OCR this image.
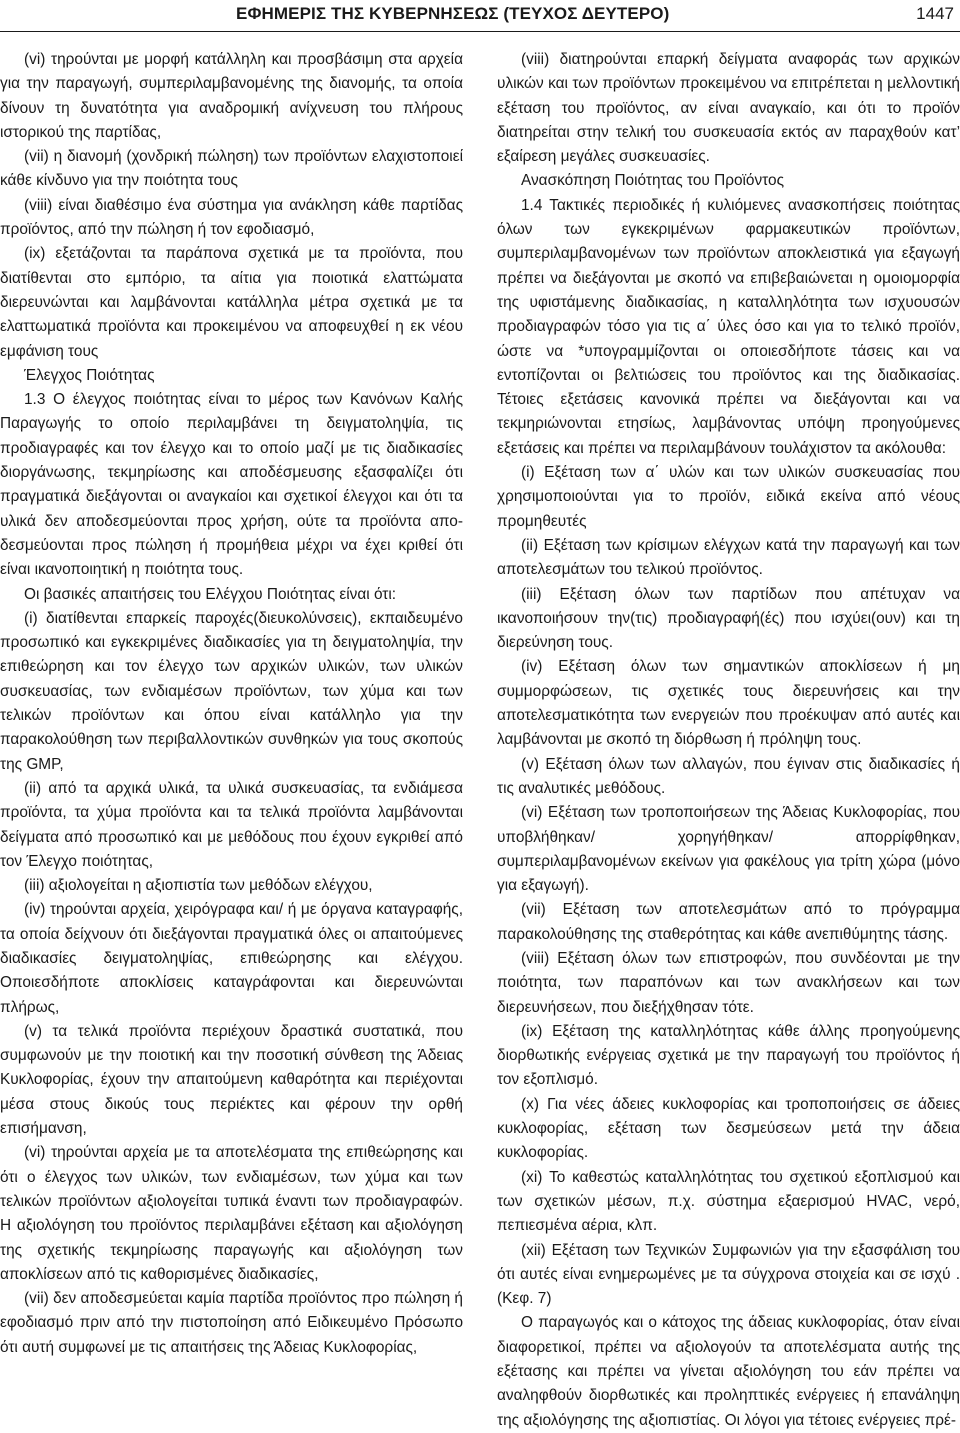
ΕΦΗΜΕΡΙΣ ΤΗΣ ΚΥΒΕΡΝΗΣΕΩΣ (ΤΕΥΧΟΣ ΔΕΥΤΕΡΟ)	1447

(vi) τηρούνται με μορφή κατάλληλη και προσβάσιμη στα αρχεία για την παραγωγή, συμπεριλαμβανομένης της διανομής, τα οποία δίνουν τη δυνατότητα για αναδρομική ανίχνευση του πλήρους ιστορικού της παρτίδας,

(vii) η διανομή (χονδρική πώληση) των προϊόντων ελαχιστοποιεί κάθε κίνδυνο για την ποιότητα τους

(viii) είναι διαθέσιμο ένα σύστημα για ανάκληση κάθε παρτίδας προϊόντος, από την πώληση ή τον εφοδιασμό,

(ix) εξετάζονται τα παράπονα σχετικά με τα προϊόντα, που διατίθενται στο εμπόριο, τα αίτια για ποιοτικά ελαττώματα διερευνώνται και λαμβάνονται κατάλληλα μέτρα σχετικά με τα ελαττωματικά προϊόντα και προκειμένου να αποφευχθεί η εκ νέου εμφάνιση τους

Έλεγχος Ποιότητας

1.3 Ο έλεγχος ποιότητας είναι το μέρος των Κανόνων Καλής Παραγωγής το οποίο περιλαμβάνει τη δειγματοληψία, τις προδιαγραφές και τον έλεγχο και το οποίο μαζί με τις διαδικασίες διοργάνωσης, τεκμηρίωσης και αποδέσμευσης εξασφαλίζει ότι πραγματικά διεξάγονται οι αναγκαίοι και σχετικοί έλεγχοι και ότι τα υλικά δεν αποδεσμεύονται προς χρήση, ούτε τα προϊόντα αποδεσμεύονται προς πώληση ή προμήθεια μέχρι να έχει κριθεί ότι είναι ικανοποιητική η ποιότητα τους.

Οι βασικές απαιτήσεις του Ελέγχου Ποιότητας είναι ότι:

(i) διατίθενται επαρκείς παροχές(διευκολύνσεις), εκπαιδευμένο προσωπικό και εγκεκριμένες διαδικασίες για τη δειγματοληψία, την επιθεώρηση και τον έλεγχο των αρχικών υλικών, των υλικών συσκευασίας, των ενδιαμέσων προϊόντων, των χύμα και των τελικών προϊόντων και όπου είναι κατάλληλο για την παρακολούθηση των περιβαλλοντικών συνθηκών για τους σκοπούς της GMP,

(ii) από τα αρχικά υλικά, τα υλικά συσκευασίας, τα ενδιάμεσα προϊόντα, τα χύμα προϊόντα και τα τελικά προϊόντα λαμβάνονται δείγματα από προσωπικό και με μεθόδους που έχουν εγκριθεί από τον Έλεγχο ποιότητας,

(iii) αξιολογείται η αξιοπιστία των μεθόδων ελέγχου,

(iv) τηρούνται αρχεία, χειρόγραφα και/ ή με όργανα καταγραφής, τα οποία δείχνουν ότι διεξάγονται πραγματικά όλες οι απαιτούμενες διαδικασίες δειγματοληψίας, επιθεώρησης και ελέγχου. Οποιεσδήποτε αποκλίσεις καταγράφονται και διερευνώνται πλήρως,

(v) τα τελικά προϊόντα περιέχουν δραστικά συστατικά, που συμφωνούν με την ποιοτική και την ποσοτική σύνθεση της Άδειας Κυκλοφορίας, έχουν την απαιτούμενη καθαρότητα και περιέχονται μέσα στους δικούς τους περιέκτες και φέρουν την ορθή επισήμανση,

(vi) τηρούνται αρχεία με τα αποτελέσματα της επιθεώρησης και ότι ο έλεγχος των υλικών, των ενδιαμέσων, των χύμα και των τελικών προϊόντων αξιολογείται τυπικά έναντι των προδιαγραφών. Η αξιολόγηση του προϊόντος περιλαμβάνει εξέταση και αξιολόγηση της σχετικής τεκμηρίωσης παραγωγής και αξιολόγηση των αποκλίσεων από τις καθορισμένες διαδικασίες,

(vii) δεν αποδεσμεύεται καμία παρτίδα προϊόντος προ πώληση ή εφοδιασμό πριν από την πιστοποίηση από Ειδικευμένο Πρόσωπο ότι αυτή συμφωνεί με τις απαιτήσεις της Άδειας Κυκλοφορίας,

(viii) διατηρούνται επαρκή δείγματα αναφοράς των αρχικών υλικών και των προϊόντων προκειμένου να επιτρέπεται η μελλοντική εξέταση του προϊόντος, αν είναι αναγκαίο, και ότι το προϊόν διατηρείται στην τελική του συσκευασία εκτός αν παραχθούν κατ’ εξαίρεση μεγάλες συσκευασίες.

Ανασκόπηση Ποιότητας του Προϊόντος

1.4 Τακτικές περιοδικές ή κυλιόμενες ανασκοπήσεις ποιότητας όλων των εγκεκριμένων φαρμακευτικών προϊόντων, συμπεριλαμβανομένων των προϊόντων αποκλειστικά για εξαγωγή πρέπει να διεξάγονται με σκοπό να επιβεβαιώνεται η ομοιομορφία της υφιστάμενης διαδικασίας, η καταλληλότητα των ισχυουσών προδιαγραφών τόσο για τις α΄ ύλες όσο και για το τελικό προϊόν, ώστε να *υπογραμμίζονται οι οποιεσδήποτε τάσεις και να εντοπίζονται οι βελτιώσεις του προϊόντος και της διαδικασίας. Τέτοιες εξετάσεις κανονικά πρέπει να διεξάγονται και να τεκμηριώνονται ετησίως, λαμβάνοντας υπόψη προηγούμενες εξετάσεις και πρέπει να περιλαμβάνουν τουλάχιστον τα ακόλουθα:

(i) Εξέταση των α΄ υλών και των υλικών συσκευασίας που χρησιμοποιούνται για το προϊόν, ειδικά εκείνα από νέους προμηθευτές

(ii) Εξέταση των κρίσιμων ελέγχων κατά την παραγωγή και των αποτελεσμάτων του τελικού προϊόντος.

(iii) Εξέταση όλων των παρτίδων που απέτυχαν να ικανοποιήσουν την(τις) προδιαγραφή(ές) που ισχύει(ουν) και τη διερεύνηση τους.

(iv) Εξέταση όλων των σημαντικών αποκλίσεων ή μη συμμορφώσεων, τις σχετικές τους διερευνήσεις και την αποτελεσματικότητα των ενεργειών που προέκυψαν από αυτές και λαμβάνονται με σκοπό τη διόρθωση ή πρόληψη τους.

(v) Εξέταση όλων των αλλαγών, που έγιναν στις διαδικασίες ή τις αναλυτικές μεθόδους.

(vi) Εξέταση των τροποποιήσεων της Άδειας Κυκλοφορίας, που υποβλήθηκαν/ χορηγήθηκαν/ απορρίφθηκαν, συμπεριλαμβανομένων εκείνων για φακέλους για τρίτη χώρα (μόνο για εξαγωγή).

(vii) Εξέταση των αποτελεσμάτων από το πρόγραμμα παρακολούθησης της σταθερότητας και κάθε ανεπιθύμητης τάσης.

(viii) Εξέταση όλων των επιστροφών, που συνδέονται με την ποιότητα, των παραπόνων και των ανακλήσεων και των διερευνήσεων, που διεξήχθησαν τότε.

(ix) Εξέταση της καταλληλότητας κάθε άλλης προηγούμενης διορθωτικής ενέργειας σχετικά με την παραγωγή του προϊόντος ή τον εξοπλισμό.

(x) Για νέες άδειες κυκλοφορίας και τροποποιήσεις σε άδειες κυκλοφορίας, εξέταση των δεσμεύσεων μετά την άδεια κυκλοφορίας.

(xi) Το καθεστώς καταλληλότητας του σχετικού εξοπλισμού και των σχετικών μέσων, π.χ. σύστημα εξαερισμού HVAC, νερό, πεπιεσμένα αέρια, κλπ.

(xii) Εξέταση των Τεχνικών Συμφωνιών για την εξασφάλιση του ότι αυτές είναι ενημερωμένες με τα σύγχρονα στοιχεία και σε ισχύ .(Κεφ. 7)

Ο παραγωγός και ο κάτοχος της άδειας κυκλοφορίας, όταν είναι διαφορετικοί, πρέπει να αξιολογούν τα αποτελέσματα αυτής της εξέτασης και πρέπει να γίνεται αξιολόγηση του εάν πρέπει να αναληφθούν διορθωτικές και προληπτικές ενέργειες ή επανάληψη της αξιολόγησης της αξιοπιστίας. Οι λόγοι για τέτοιες ενέργειες πρέ-
